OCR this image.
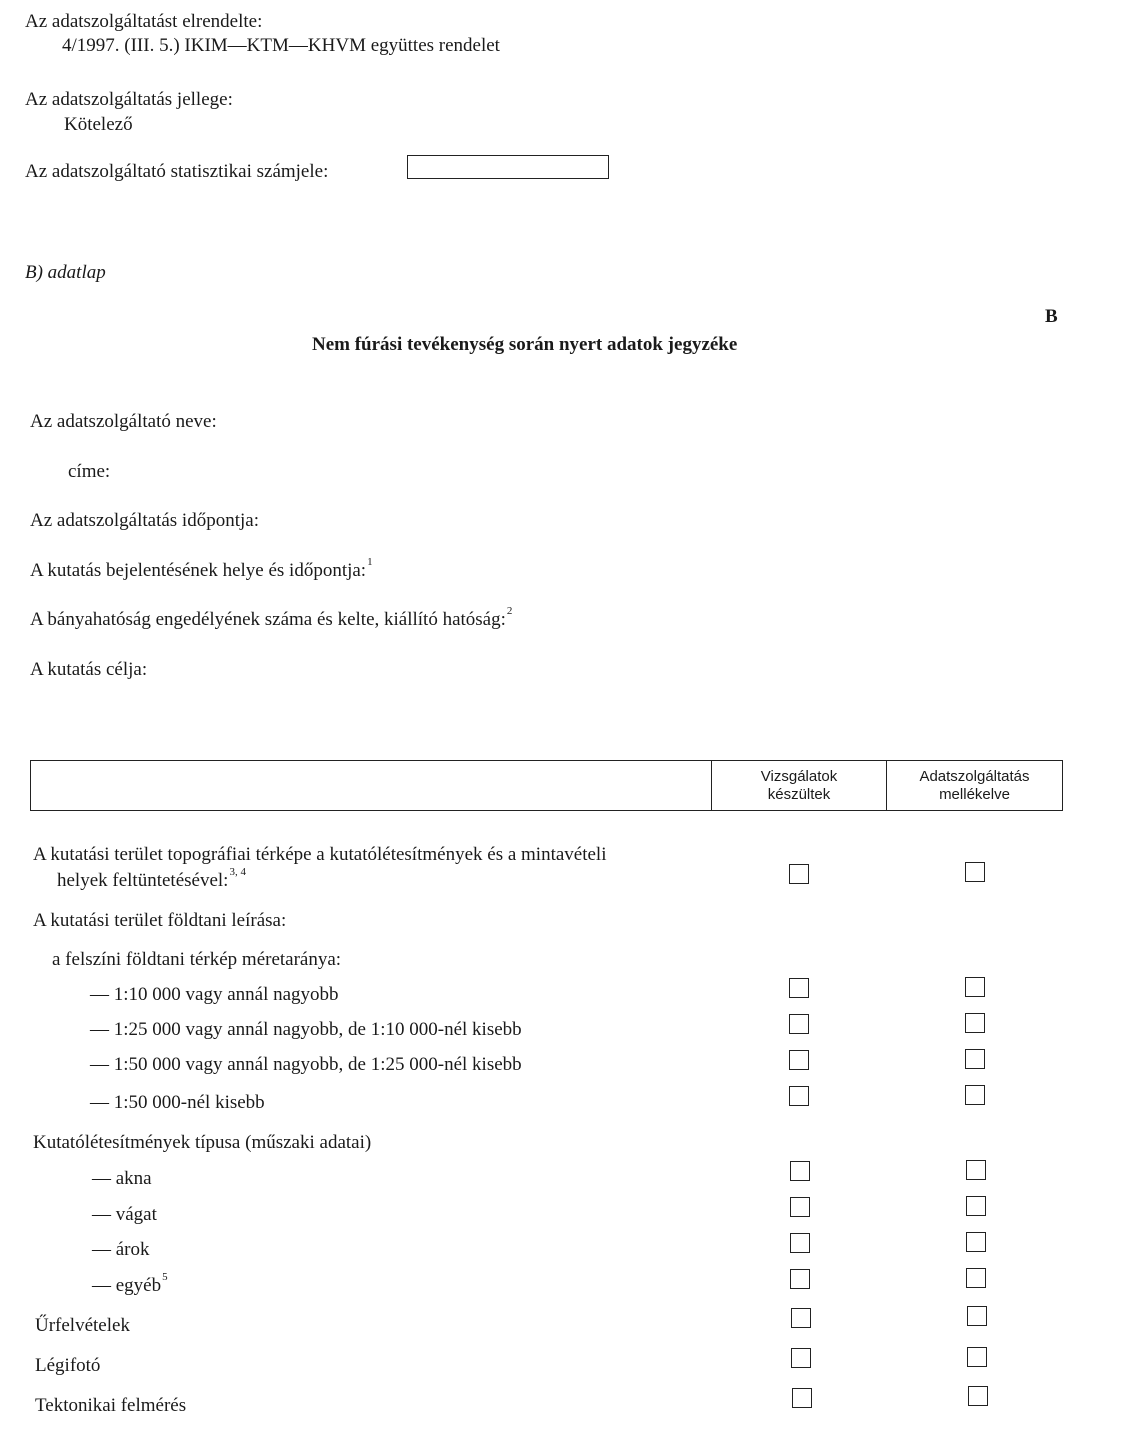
Az adatszolgáltatást elrendelte:
4/1997. (III. 5.) IKIM—KTM—KHVM együttes rendelet
Az adatszolgáltatás jellege:
Kötelező
Az adatszolgáltató statisztikai számjele:
B) adatlap
B
Nem fúrási tevékenység során nyert adatok jegyzéke
Az adatszolgáltató neve:
címe:
Az adatszolgáltatás időpontja:
A kutatás bejelentésének helye és időpontja:$^1$
A bányahatóság engedélyének száma és kelte, kiállító hatóság:$^2$
A kutatás célja:
Vizsgálatok
készültek
Adatszolgáltatás
mellékelve
A kutatási terület topográfiai térképe a kutatólétesítmények és a mintavételi
helyek feltüntetésével:$^{3, 4}$
A kutatási terület földtani leírása:
a felszíni földtani térkép méretaránya:
— 1:10 000 vagy annál nagyobb
— 1:25 000 vagy annál nagyobb, de 1:10 000-nél kisebb
— 1:50 000 vagy annál nagyobb, de 1:25 000-nél kisebb
— 1:50 000-nél kisebb
Kutatólétesítmények típusa (műszaki adatai)
— akna
— vágat
— árok
— egyéb$^5$
Űrfelvételek
Légifotó
Tektonikai felmérés
